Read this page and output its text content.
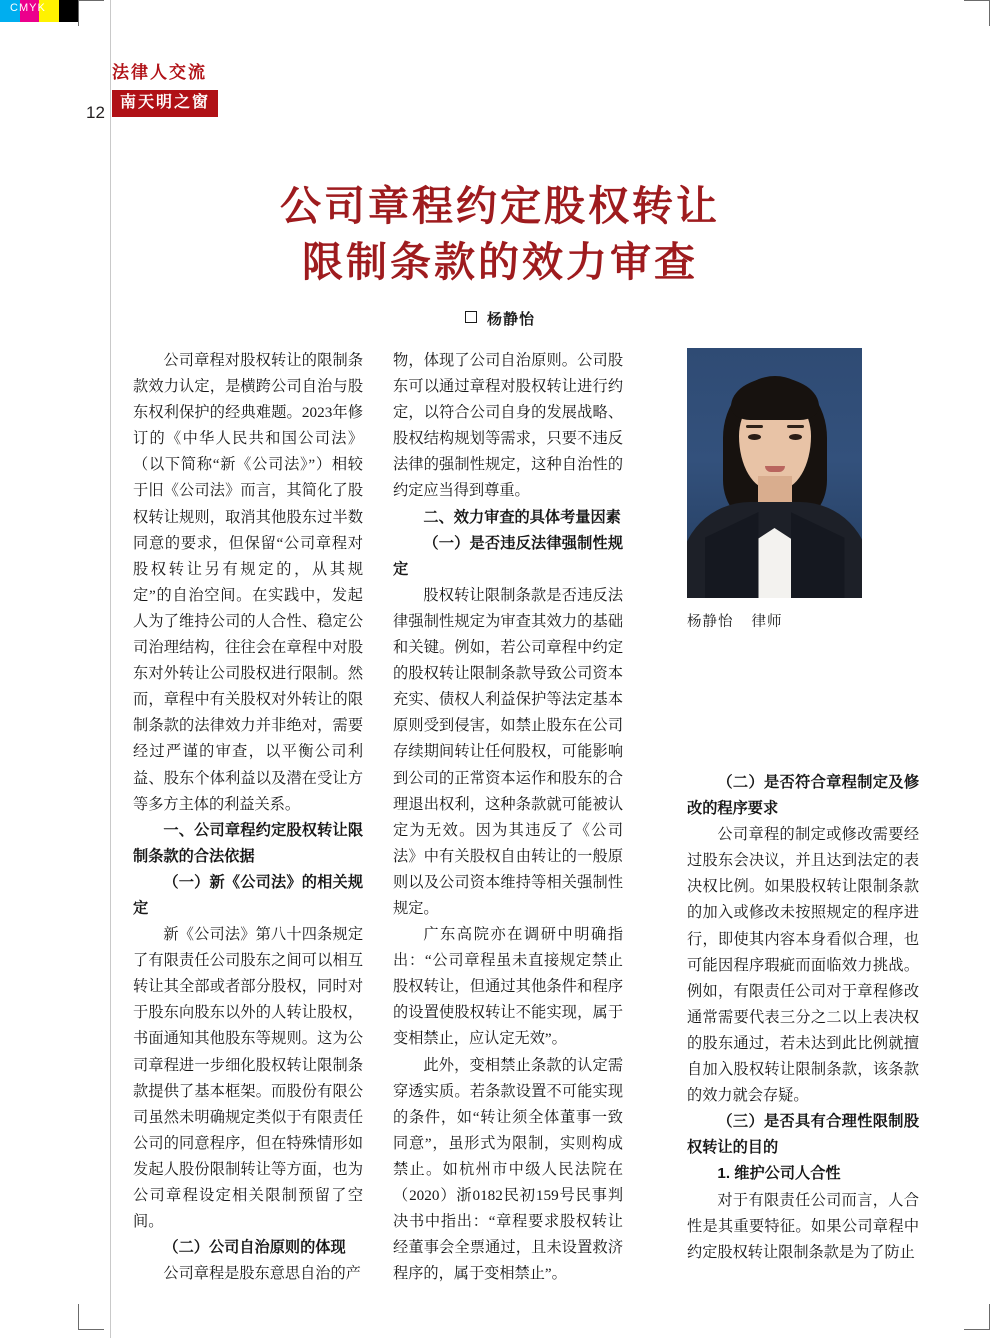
CMYK
12
法律人交流
南天明之窗
公司章程约定股权转让
限制条款的效力审查
杨静怡

公司章程对股权转让的限制条款效力认定，是横跨公司自治与股东权利保护的经典难题。2023年修订的《中华人民共和国公司法》（以下简称“新《公司法》”）相较于旧《公司法》而言，其简化了股权转让规则，取消其他股东过半数同意的要求，但保留“公司章程对股权转让另有规定的，从其规定”的自治空间。在实践中，发起人为了维持公司的人合性、稳定公司治理结构，往往会在章程中对股东对外转让公司股权进行限制。然而，章程中有关股权对外转让的限制条款的法律效力并非绝对，需要经过严谨的审查，以平衡公司利益、股东个体利益以及潜在受让方等多方主体的利益关系。

一、公司章程约定股权转让限制条款的合法依据

（一）新《公司法》的相关规定

新《公司法》第八十四条规定了有限责任公司股东之间可以相互转让其全部或者部分股权，同时对于股东向股东以外的人转让股权，书面通知其他股东等规则。这为公司章程进一步细化股权转让限制条款提供了基本框架。而股份有限公司虽然未明确规定类似于有限责任公司的同意程序，但在特殊情形如发起人股份限制转让等方面，也为公司章程设定相关限制预留了空间。

（二）公司自治原则的体现

公司章程是股东意思自治的产

物，体现了公司自治原则。公司股东可以通过章程对股权转让进行约定，以符合公司自身的发展战略、股权结构规划等需求，只要不违反法律的强制性规定，这种自治性的约定应当得到尊重。

二、效力审查的具体考量因素

（一）是否违反法律强制性规定

股权转让限制条款是否违反法律强制性规定为审查其效力的基础和关键。例如，若公司章程中约定的股权转让限制条款导致公司资本充实、债权人利益保护等法定基本原则受到侵害，如禁止股东在公司存续期间转让任何股权，可能影响到公司的正常资本运作和股东的合理退出权利，这种条款就可能被认定为无效。因为其违反了《公司法》中有关股权自由转让的一般原则以及公司资本维持等相关强制性规定。

广东高院亦在调研中明确指出：“公司章程虽未直接规定禁止股权转让，但通过其他条件和程序的设置使股权转让不能实现，属于变相禁止，应认定无效”。

此外，变相禁止条款的认定需穿透实质。若条款设置不可能实现的条件，如“转让须全体董事一致同意”，虽形式为限制，实则构成禁止。如杭州市中级人民法院在（2020）浙0182民初159号民事判决书中指出：“章程要求股权转让经董事会全票通过，且未设置救济程序的，属于变相禁止”。

杨静怡 律师

（二）是否符合章程制定及修改的程序要求

公司章程的制定或修改需要经过股东会决议，并且达到法定的表决权比例。如果股权转让限制条款的加入或修改未按照规定的程序进行，即使其内容本身看似合理，也可能因程序瑕疵而面临效力挑战。例如，有限责任公司对于章程修改通常需要代表三分之二以上表决权的股东通过，若未达到此比例就擅自加入股权转让限制条款，该条款的效力就会存疑。

（三）是否具有合理性限制股权转让的目的

1. 维护公司人合性

对于有限责任公司而言，人合性是其重要特征。如果公司章程中约定股权转让限制条款是为了防止
